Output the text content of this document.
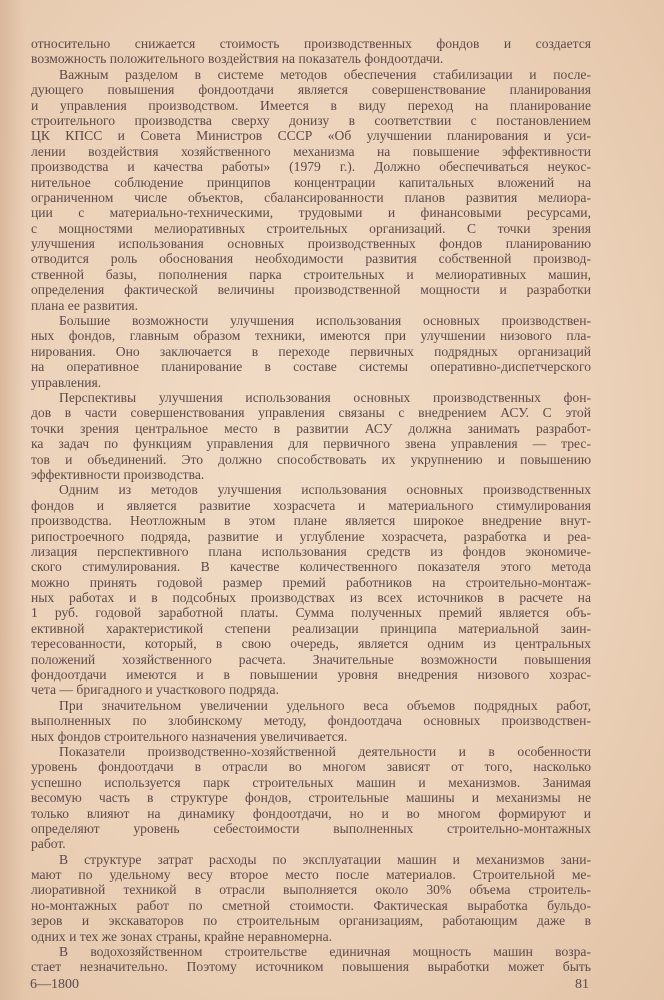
относительно снижается стоимость производственных фондов и создается
возможность положительного воздействия на показатель фондоотдачи.
Важным разделом в системе методов обеспечения стабилизации и после-
дующего повышения фондоотдачи является совершенствование планирования
и управления производством. Имеется в виду переход на планирование
строительного производства сверху донизу в соответствии с постановлением
ЦК КПСС и Совета Министров СССР «Об улучшении планирования и уси-
лении воздействия хозяйственного механизма на повышение эффективности
производства и качества работы» (1979 г.). Должно обеспечиваться неукос-
нительное соблюдение принципов концентрации капитальных вложений на
ограниченном числе объектов, сбалансированности планов развития мелиора-
ции с материально-техническими, трудовыми и финансовыми ресурсами,
с мощностями мелиоративных строительных организаций. С точки зрения
улучшения использования основных производственных фондов планированию
отводится роль обоснования необходимости развития собственной производ-
ственной базы, пополнения парка строительных и мелиоративных машин,
определения фактической величины производственной мощности и разработки
плана ее развития.
Большие возможности улучшения использования основных производствен-
ных фондов, главным образом техники, имеются при улучшении низового пла-
нирования. Оно заключается в переходе первичных подрядных организаций
на оперативное планирование в составе системы оперативно-диспетчерского
управления.
Перспективы улучшения использования основных производственных фон-
дов в части совершенствования управления связаны с внедрением АСУ. С этой
точки зрения центральное место в развитии АСУ должна занимать разработ-
ка задач по функциям управления для первичного звена управления — трес-
тов и объединений. Это должно способствовать их укрупнению и повышению
эффективности производства.
Одним из методов улучшения использования основных производственных
фондов и является развитие хозрасчета и материального стимулирования
производства. Неотложным в этом плане является широкое внедрение внут-
рипостроечного подряда, развитие и углубление хозрасчета, разработка и реа-
лизация перспективного плана использования средств из фондов экономиче-
ского стимулирования. В качестве количественного показателя этого метода
можно принять годовой размер премий работников на строительно-монтаж-
ных работах и в подсобных производствах из всех источников в расчете на
1 руб. годовой заработной платы. Сумма полученных премий является объ-
ективной характеристикой степени реализации принципа материальной заин-
тересованности, который, в свою очередь, является одним из центральных
положений хозяйственного расчета. Значительные возможности повышения
фондоотдачи имеются и в повышении уровня внедрения низового хозрас-
чета — бригадного и участкового подряда.
При значительном увеличении удельного веса объемов подрядных работ,
выполненных по злобинскому методу, фондоотдача основных производствен-
ных фондов строительного назначения увеличивается.
Показатели производственно-хозяйственной деятельности и в особенности
уровень фондоотдачи в отрасли во многом зависят от того, насколько
успешно используется парк строительных машин и механизмов. Занимая
весомую часть в структуре фондов, строительные машины и механизмы не
только влияют на динамику фондоотдачи, но и во многом формируют и
определяют уровень себестоимости выполненных строительно-монтажных
работ.
В структуре затрат расходы по эксплуатации машин и механизмов зани-
мают по удельному весу второе место после материалов. Строительной ме-
лиоративной техникой в отрасли выполняется около 30% объема строитель-
но-монтажных работ по сметной стоимости. Фактическая выработка бульдо-
зеров и экскаваторов по строительным организациям, работающим даже в
одних и тех же зонах страны, крайне неравномерна.
В водохозяйственном строительстве единичная мощность машин возра-
стает незначительно. Поэтому источником повышения выработки может быть
6—1800	81
